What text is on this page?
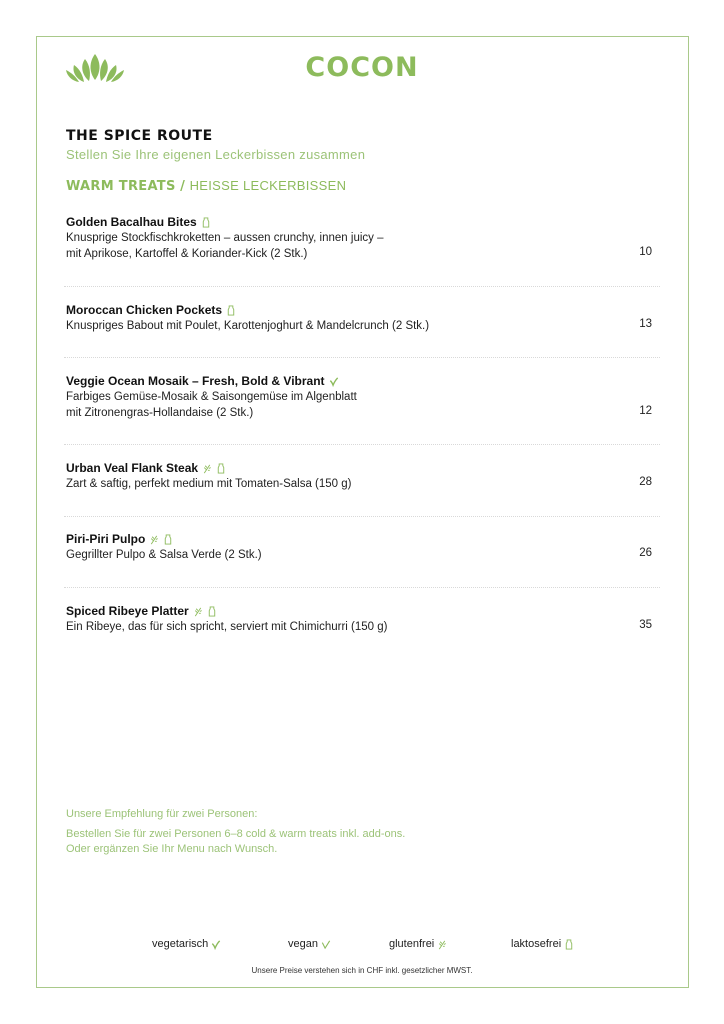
COCON
THE SPICE ROUTE
Stellen Sie Ihre eigenen Leckerbissen zusammen
WARM TREATS / HEISSE LECKERBISSEN
Golden Bacalhau Bites
Knusprige Stockfischkroketten – aussen crunchy, innen juicy –
mit Aprikose, Kartoffel & Koriander-Kick (2 Stk.)	10
Moroccan Chicken Pockets
Knuspriges Babout mit Poulet, Karottenjoghurt & Mandelcrunch (2 Stk.)	13
Veggie Ocean Mosaik – Fresh, Bold & Vibrant
Farbiges Gemüse-Mosaik & Saisongemüse im Algenblatt
mit Zitronengras-Hollandaise (2 Stk.)	12
Urban Veal Flank Steak
Zart & saftig, perfekt medium mit Tomaten-Salsa (150 g)	28
Piri-Piri Pulpo
Gegrillter Pulpo & Salsa Verde (2 Stk.)	26
Spiced Ribeye Platter
Ein Ribeye, das für sich spricht, serviert mit Chimichurri (150 g)	35
Unsere Empfehlung für zwei Personen:
Bestellen Sie für zwei Personen 6–8 cold & warm treats inkl. add-ons.
Oder ergänzen Sie Ihr Menu nach Wunsch.
vegetarisch	vegan	glutenfrei	laktosefrei
Unsere Preise verstehen sich in CHF inkl. gesetzlicher MWST.
